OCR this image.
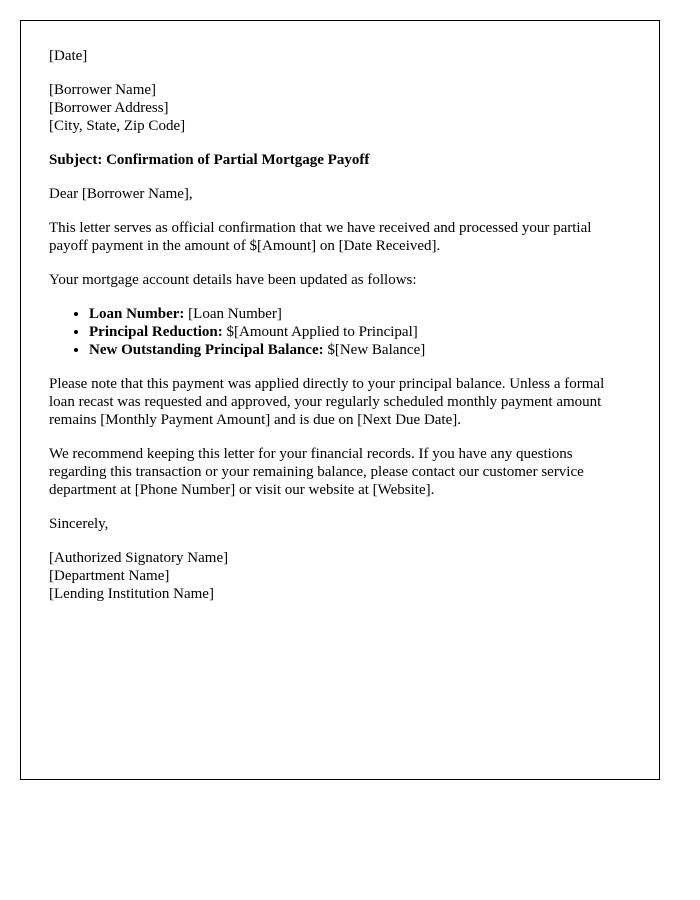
[Date]

[Borrower Name]
[Borrower Address]
[City, State, Zip Code]

Subject: Confirmation of Partial Mortgage Payoff

Dear [Borrower Name],

This letter serves as official confirmation that we have received and processed your partial payoff payment in the amount of $[Amount] on [Date Received].

Your mortgage account details have been updated as follows:

• Loan Number: [Loan Number]
• Principal Reduction: $[Amount Applied to Principal]
• New Outstanding Principal Balance: $[New Balance]

Please note that this payment was applied directly to your principal balance. Unless a formal loan recast was requested and approved, your regularly scheduled monthly payment amount remains [Monthly Payment Amount] and is due on [Next Due Date].

We recommend keeping this letter for your financial records. If you have any questions regarding this transaction or your remaining balance, please contact our customer service department at [Phone Number] or visit our website at [Website].

Sincerely,

[Authorized Signatory Name]
[Department Name]
[Lending Institution Name]
